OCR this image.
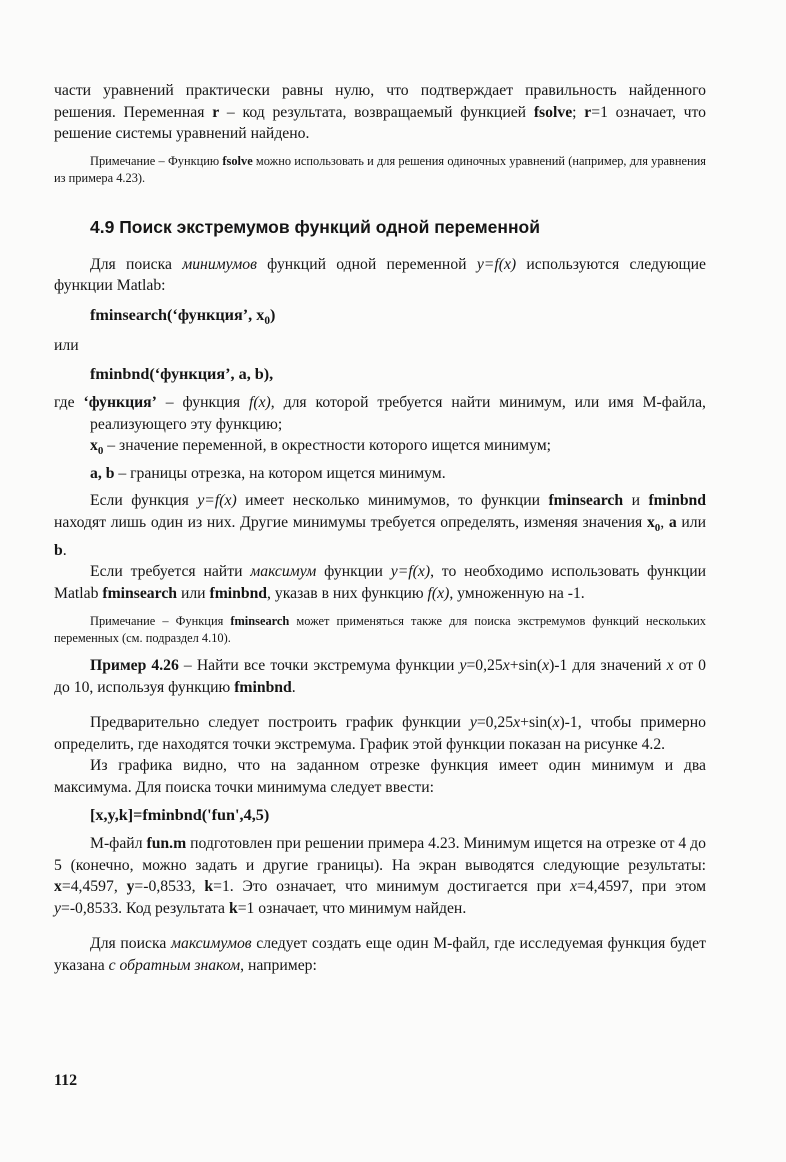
части уравнений практически равны нулю, что подтверждает правильность найденного решения. Переменная r – код результата, возвращаемый функцией fsolve; r=1 означает, что решение системы уравнений найдено.

Примечание – Функцию fsolve можно использовать и для решения одиночных уравнений (например, для уравнения из примера 4.23).

4.9 Поиск экстремумов функций одной переменной

Для поиска минимумов функций одной переменной y=f(x) используются следующие функции Matlab:

fminsearch(‘функция’, $x_0$)

или

fminbnd(‘функция’, a, b),

где ‘функция’ – функция f(x), для которой требуется найти минимум, или имя М-файла, реализующего эту функцию;

$x_0$ – значение переменной, в окрестности которого ищется минимум;

a, b – границы отрезка, на котором ищется минимум.

Если функция y=f(x) имеет несколько минимумов, то функции fminsearch и fminbnd находят лишь один из них. Другие минимумы требуется определять, изменяя значения $x_0$, a или b.

Если требуется найти максимум функции y=f(x), то необходимо использовать функции Matlab fminsearch или fminbnd, указав в них функцию f(x), умноженную на -1.

Примечание – Функция fminsearch может применяться также для поиска экстремумов функций нескольких переменных (см. подраздел 4.10).

Пример 4.26 – Найти все точки экстремума функции y=0,25x+sin(x)-1 для значений x от 0 до 10, используя функцию fminbnd.

Предварительно следует построить график функции y=0,25x+sin(x)-1, чтобы примерно определить, где находятся точки экстремума. График этой функции показан на рисунке 4.2.

Из графика видно, что на заданном отрезке функция имеет один минимум и два максимума. Для поиска точки минимума следует ввести:

[x,y,k]=fminbnd('fun',4,5)

М-файл fun.m подготовлен при решении примера 4.23. Минимум ищется на отрезке от 4 до 5 (конечно, можно задать и другие границы). На экран выводятся следующие результаты: x=4,4597, y=-0,8533, k=1. Это означает, что минимум достигается при x=4,4597, при этом y=-0,8533. Код результата k=1 означает, что минимум найден.

Для поиска максимумов следует создать еще один М-файл, где исследуемая функция будет указана с обратным знаком, например:

112
